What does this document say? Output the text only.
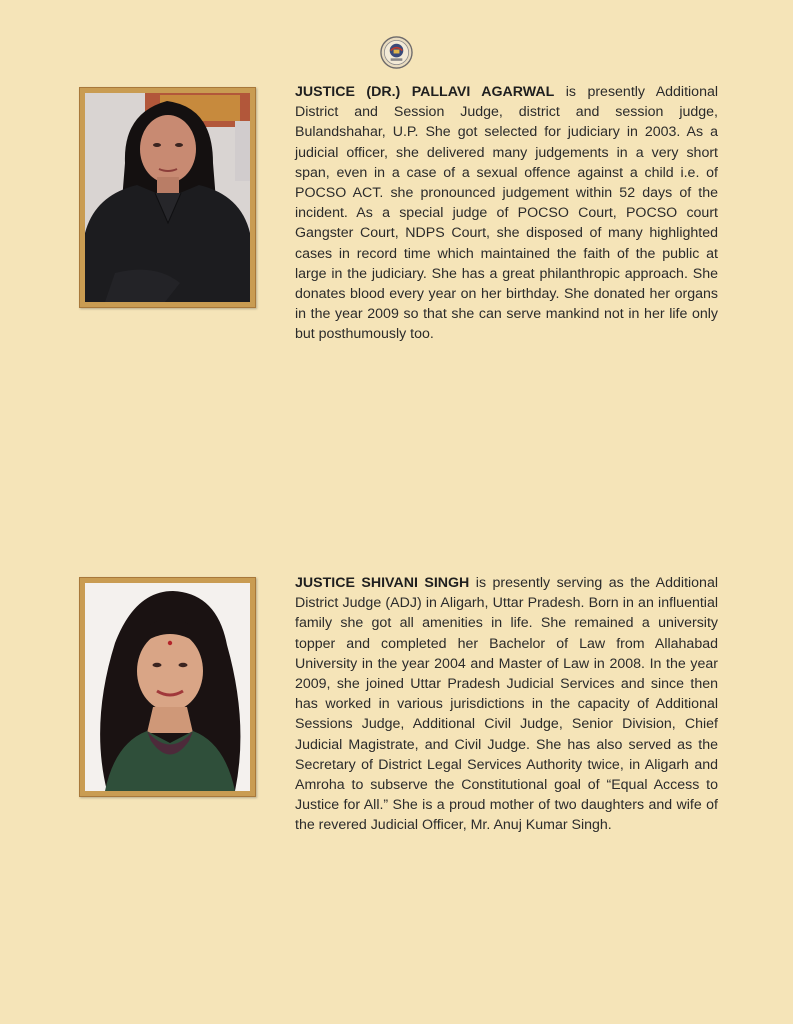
JUSTICE (DR.) PALLAVI AGARWAL is presently Additional District and Session Judge, district and session judge, Bulandshahar, U.P. She got selected for judiciary in 2003. As a judicial officer, she delivered many judgements in a very short span, even in a case of a sexual offence against a child i.e. of POCSO ACT. she pronounced judgement within 52 days of the incident. As a special judge of POCSO Court, POCSO court Gangster Court, NDPS Court, she disposed of many highlighted cases in record time which maintained the faith of the public at large in the judiciary. She has a great philanthropic approach. She donates blood every year on her birthday. She donated her organs in the year 2009 so that she can serve mankind not in her life only but posthumously too.

JUSTICE SHIVANI SINGH is presently serving as the Additional District Judge (ADJ) in Aligarh, Uttar Pradesh. Born in an influential family she got all amenities in life. She remained a university topper and completed her Bachelor of Law from Allahabad University in the year 2004 and Master of Law in 2008. In the year 2009, she joined Uttar Pradesh Judicial Services and since then has worked in various jurisdictions in the capacity of Additional Sessions Judge, Additional Civil Judge, Senior Division, Chief Judicial Magistrate, and Civil Judge. She has also served as the Secretary of District Legal Services Authority twice, in Aligarh and Amroha to subserve the Constitutional goal of “Equal Access to Justice for All.” She is a proud mother of two daughters and wife of the revered Judicial Officer, Mr. Anuj Kumar Singh.
